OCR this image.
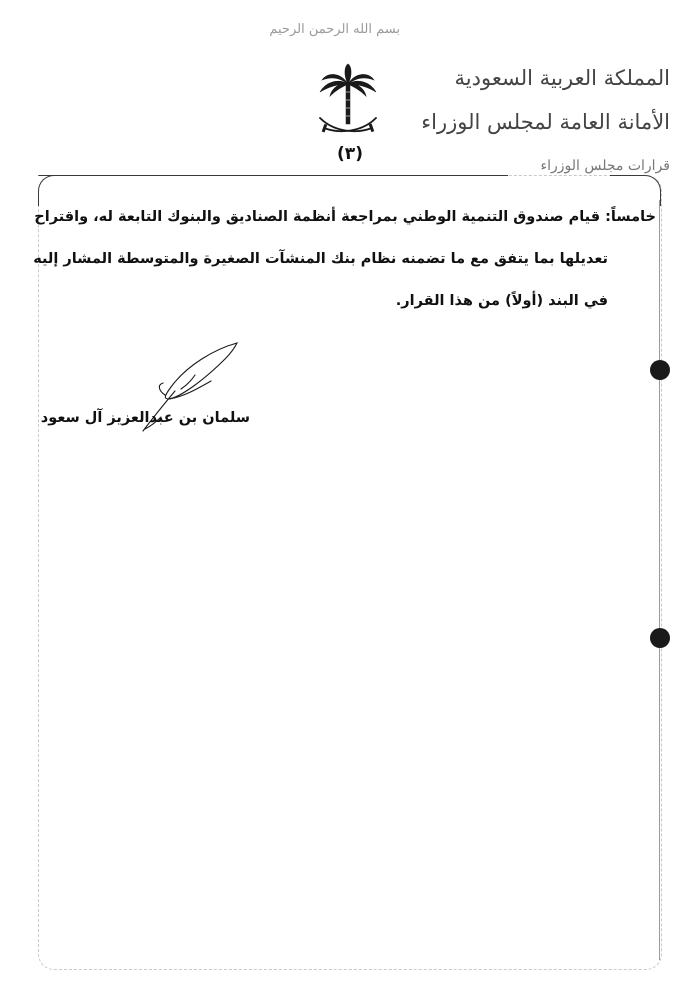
بسم الله الرحمن الرحيم
(٣)
المملكة العربية السعودية
الأمانة العامة لمجلس الوزراء
قرارات مجلس الوزراء
خامساً: قيام صندوق التنمية الوطني بمراجعة أنظمة الصناديق والبنوك التابعة له، واقتراح
تعديلها بما يتفق مع ما تضمنه نظام بنك المنشآت الصغيرة والمتوسطة المشار إليه
في البند (أولاً) من هذا القرار.
سلمان بن عبدالعزيز آل سعود
